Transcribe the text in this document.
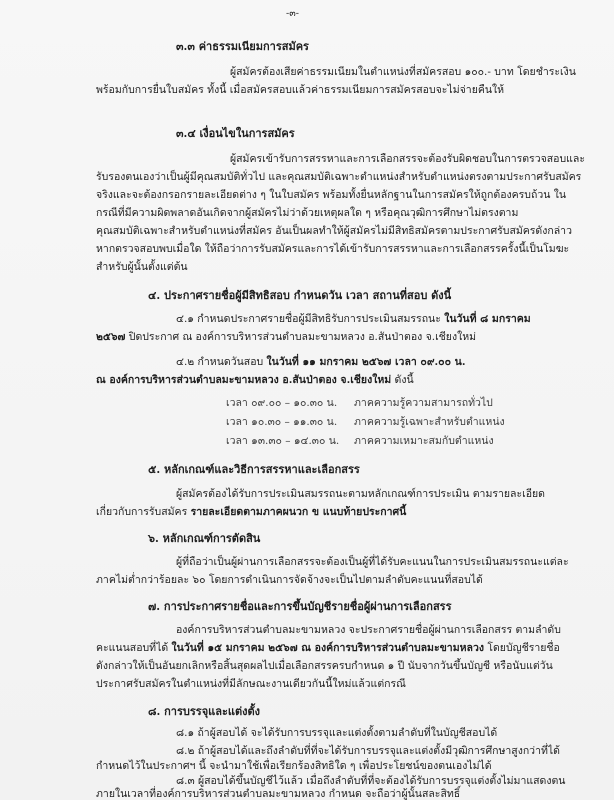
-๓-
๓.๓ ค่าธรรมเนียมการสมัคร
ผู้สมัครต้องเสียค่าธรรมเนียมในตำแหน่งที่สมัครสอบ ๑๐๐.- บาท โดยชำระเงิน
พร้อมกับการยื่นใบสมัคร ทั้งนี้ เมื่อสมัครสอบแล้วค่าธรรมเนียมการสมัครสอบจะไม่จ่ายคืนให้
๓.๔ เงื่อนไขในการสมัคร
ผู้สมัครเข้ารับการสรรหาและการเลือกสรรจะต้องรับผิดชอบในการตรวจสอบและ
รับรองตนเองว่าเป็นผู้มีคุณสมบัติทั่วไป และคุณสมบัติเฉพาะตำแหน่งสำหรับตำแหน่งตรงตามประกาศรับสมัคร
จริงและจะต้องกรอกรายละเอียดต่าง ๆ ในใบสมัคร พร้อมทั้งยื่นหลักฐานในการสมัครให้ถูกต้องครบถ้วน ใน
กรณีที่มีความผิดพลาดอันเกิดจากผู้สมัครไม่ว่าด้วยเหตุผลใด ๆ หรือคุณวุฒิการศึกษาไม่ตรงตาม
คุณสมบัติเฉพาะสำหรับตำแหน่งที่สมัคร อันเป็นผลทำให้ผู้สมัครไม่มีสิทธิสมัครตามประกาศรับสมัครดังกล่าว
หากตรวจสอบพบเมื่อใด ให้ถือว่าการรับสมัครและการได้เข้ารับการสรรหาและการเลือกสรรครั้งนี้เป็นโมฆะ
สำหรับผู้นั้นตั้งแต่ต้น
๔. ประกาศรายชื่อผู้มีสิทธิสอบ กำหนดวัน เวลา สถานที่สอบ ดังนี้
๔.๑ กำหนดประกาศรายชื่อผู้มีสิทธิรับการประเมินสมรรถนะ ในวันที่ ๘ มกราคม
๒๕๖๗ ปิดประกาศ ณ องค์การบริหารส่วนตำบลมะขามหลวง อ.สันป่าตอง จ.เชียงใหม่
๔.๒ กำหนดวันสอบ ในวันที่ ๑๑ มกราคม ๒๕๖๗ เวลา ๐๙.๐๐ น.
ณ องค์การบริหารส่วนตำบลมะขามหลวง อ.สันป่าตอง จ.เชียงใหม่ ดังนี้
เวลา ๐๙.๐๐ – ๑๐.๓๐ น. ภาคความรู้ความสามารถทั่วไป
เวลา ๑๐.๓๐ – ๑๑.๓๐ น. ภาคความรู้เฉพาะสำหรับตำแหน่ง
เวลา ๑๓.๓๐ – ๑๔.๓๐ น. ภาคความเหมาะสมกับตำแหน่ง
๕. หลักเกณฑ์และวิธีการสรรหาและเลือกสรร
ผู้สมัครต้องได้รับการประเมินสมรรถนะตามหลักเกณฑ์การประเมิน ตามรายละเอียด
เกี่ยวกับการรับสมัคร รายละเอียดตามภาคผนวก ข แนบท้ายประกาศนี้
๖. หลักเกณฑ์การตัดสิน
ผู้ที่ถือว่าเป็นผู้ผ่านการเลือกสรรจะต้องเป็นผู้ที่ได้รับคะแนนในการประเมินสมรรถนะแต่ละ
ภาคไม่ต่ำกว่าร้อยละ ๖๐ โดยการดำเนินการจัดจ้างจะเป็นไปตามลำดับคะแนนที่สอบได้
๗. การประกาศรายชื่อและการขึ้นบัญชีรายชื่อผู้ผ่านการเลือกสรร
องค์การบริหารส่วนตำบลมะขามหลวง จะประกาศรายชื่อผู้ผ่านการเลือกสรร ตามลำดับ
คะแนนสอบที่ได้ ในวันที่ ๑๕ มกราคม ๒๕๖๗ ณ องค์การบริหารส่วนตำบลมะขามหลวง โดยบัญชีรายชื่อ
ดังกล่าวให้เป็นอันยกเลิกหรือสิ้นสุดผลไปเมื่อเลือกสรรครบกำหนด ๑ ปี นับจากวันขึ้นบัญชี หรือนับแต่วัน
ประกาศรับสมัครในตำแหน่งที่มีลักษณะงานเดียวกันนี้ใหม่แล้วแต่กรณี
๘. การบรรจุและแต่งตั้ง
๘.๑ ถ้าผู้สอบได้ จะได้รับการบรรจุและแต่งตั้งตามลำดับที่ในบัญชีสอบได้
๘.๒ ถ้าผู้สอบได้และถึงลำดับที่ที่จะได้รับการบรรจุและแต่งตั้งมีวุฒิการศึกษาสูงกว่าที่ได้
กำหนดไว้ในประกาศฯ นี้ จะนำมาใช้เพื่อเรียกร้องสิทธิใด ๆ เพื่อประโยชน์ของตนเองไม่ได้
๘.๓ ผู้สอบได้ขึ้นบัญชีไว้แล้ว เมื่อถึงลำดับที่ที่จะต้องได้รับการบรรจุแต่งตั้งไม่มาแสดงตน
ภายในเวลาที่องค์การบริหารส่วนตำบลมะขามหลวง กำหนด จะถือว่าผู้นั้นสละสิทธิ์
